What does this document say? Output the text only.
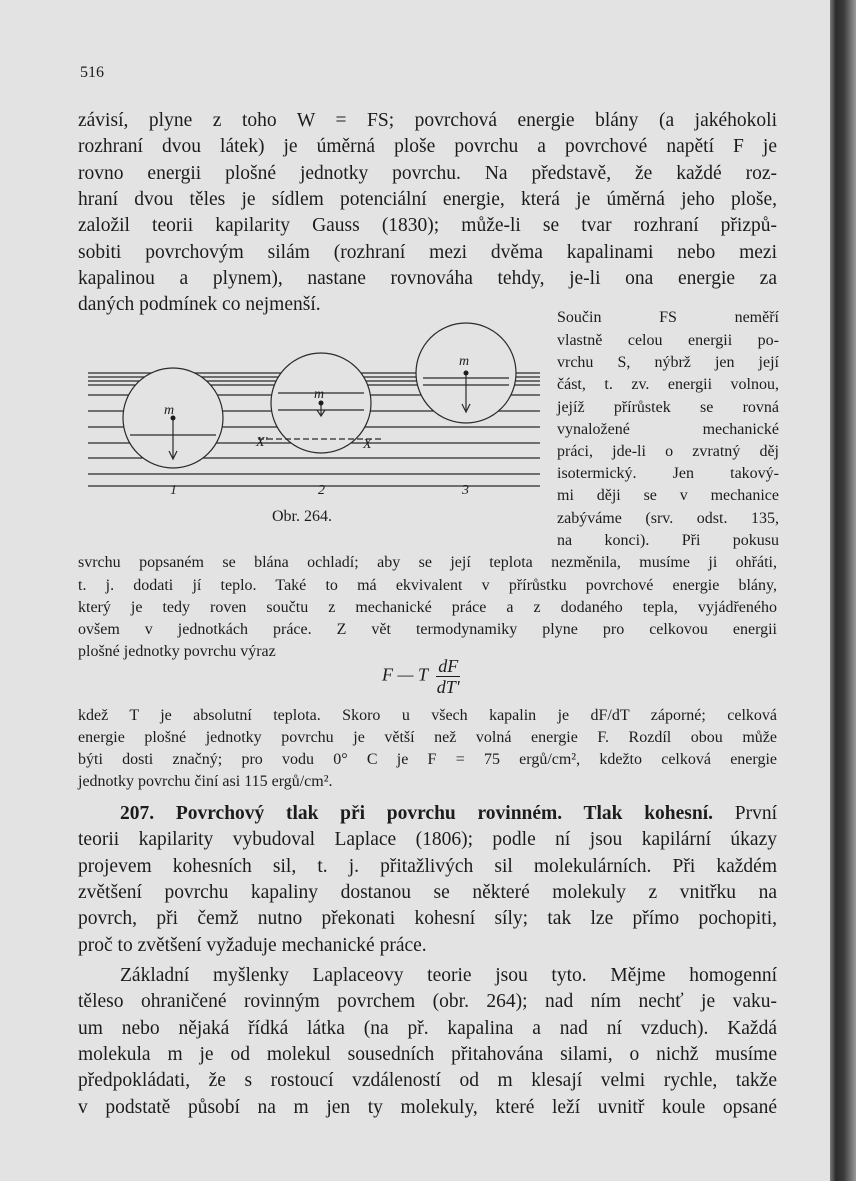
516

závisí, plyne z toho W = FS; povrchová energie blány (a jakéhokoli

rozhraní dvou látek) je úměrná ploše povrchu a povrchové napětí F je

rovno energii plošné jednotky povrchu. Na představě, že každé roz-

hraní dvou těles je sídlem potenciální energie, která je úměrná jeho ploše,

založil teorii kapilarity Gauss (1830); může-li se tvar rozhraní přizpů-

sobiti povrchovým silám (rozhraní mezi dvěma kapalinami nebo mezi

kapalinou a plynem), nastane rovnováha tehdy, je-li ona energie za

daných podmínek co nejmenší.

m
m
m
X'	X
1	2	3
Obr. 264.

Součin FS neměří

vlastně celou energii po-

vrchu S, nýbrž jen její

část, t. zv. energii volnou,

jejíž přírůstek se rovná

vynaložené mechanické

práci, jde-li o zvratný děj

isotermický. Jen takový-

mi ději se v mechanice

zabýváme (srv. odst. 135,

na konci). Při pokusu

svrchu popsaném se blána ochladí; aby se její teplota nezměnila, musíme ji ohřáti,

t. j. dodati jí teplo. Také to má ekvivalent v přírůstku povrchové energie blány,

který je tedy roven součtu z mechanické práce a z dodaného tepla, vyjádřeného

ovšem v jednotkách práce. Z vět termodynamiky plyne pro celkovou energii

plošné jednotky povrchu výraz

F — T $\frac{dF}{dT'}$

kdež T je absolutní teplota. Skoro u všech kapalin je dF/dT záporné; celková

energie plošné jednotky povrchu je větší než volná energie F. Rozdíl obou může

býti dosti značný; pro vodu 0° C je F = 75 ergů/cm², kdežto celková energie

jednotky povrchu činí asi 115 ergů/cm².

207. Povrchový tlak při povrchu rovinném. Tlak kohesní. První

teorii kapilarity vybudoval Laplace (1806); podle ní jsou kapilární úkazy

projevem kohesních sil, t. j. přitažlivých sil molekulárních. Při každém

zvětšení povrchu kapaliny dostanou se některé molekuly z vnitřku na

povrch, při čemž nutno překonati kohesní síly; tak lze přímo pochopiti,

proč to zvětšení vyžaduje mechanické práce.

Základní myšlenky Laplaceovy teorie jsou tyto. Mějme homogenní

těleso ohraničené rovinným povrchem (obr. 264); nad ním nechť je vaku-

um nebo nějaká řídká látka (na př. kapalina a nad ní vzduch). Každá

molekula m je od molekul sousedních přitahována silami, o nichž musíme

předpokládati, že s rostoucí vzdáleností od m klesají velmi rychle, takže

v podstatě působí na m jen ty molekuly, které leží uvnitř koule opsané
